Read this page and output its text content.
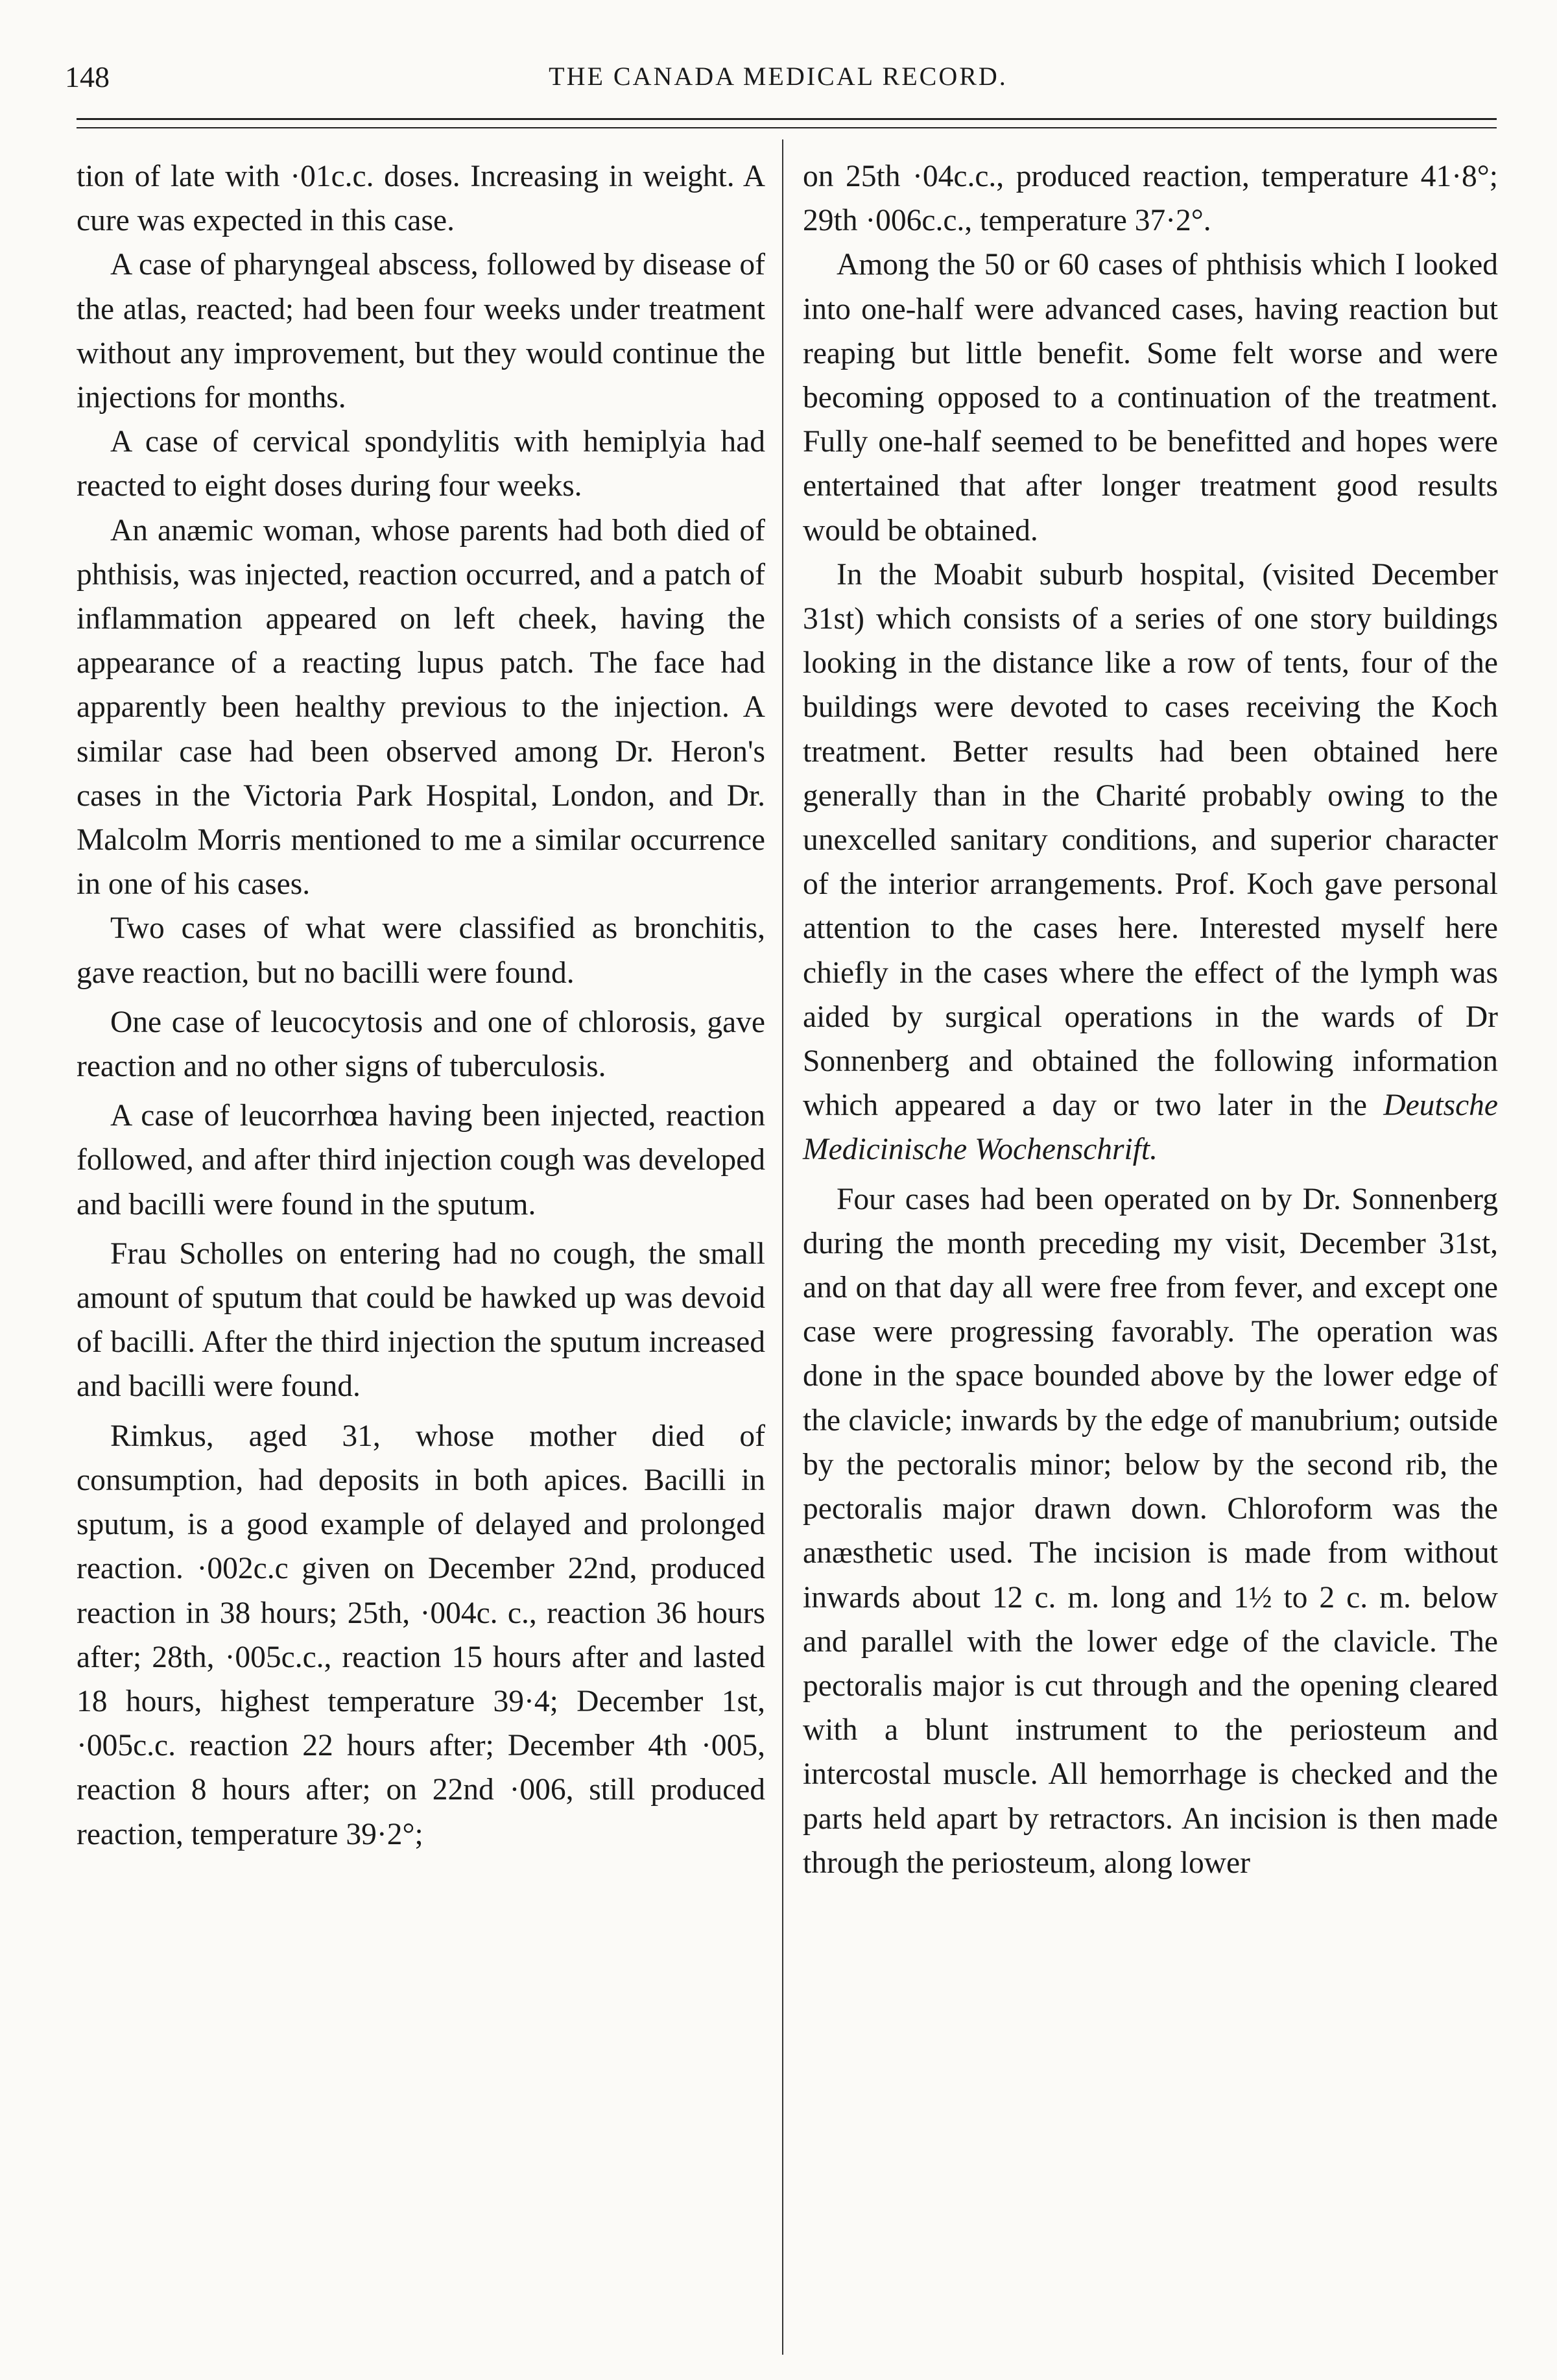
148	THE CANADA MEDICAL RECORD.

tion of late with ·01c.c. doses. Increasing in weight. A cure was expected in this case.

A case of pharyngeal abscess, followed by disease of the atlas, reacted; had been four weeks under treatment without any improvement, but they would continue the injections for months.

A case of cervical spondylitis with hemiplyia had reacted to eight doses during four weeks.

An anæmic woman, whose parents had both died of phthisis, was injected, reaction occurred, and a patch of inflammation appeared on left cheek, having the appearance of a reacting lupus patch. The face had apparently been healthy previous to the injection. A similar case had been observed among Dr. Heron's cases in the Victoria Park Hospital, London, and Dr. Malcolm Morris mentioned to me a similar occurrence in one of his cases.

Two cases of what were classified as bronchitis, gave reaction, but no bacilli were found.

One case of leucocytosis and one of chlorosis, gave reaction and no other signs of tuberculosis.

A case of leucorrhœa having been injected, reaction followed, and after third injection cough was developed and bacilli were found in the sputum.

Frau Scholles on entering had no cough, the small amount of sputum that could be hawked up was devoid of bacilli. After the third injection the sputum increased and bacilli were found.

Rimkus, aged 31, whose mother died of consumption, had deposits in both apices. Bacilli in sputum, is a good example of delayed and prolonged reaction. ·002c.c given on December 22nd, produced reaction in 38 hours; 25th, ·004c. c., reaction 36 hours after; 28th, ·005c.c., reaction 15 hours after and lasted 18 hours, highest temperature 39·4; December 1st, ·005c.c. reaction 22 hours after; December 4th ·005, reaction 8 hours after; on 22nd ·006, still produced reaction, temperature 39·2°;

on 25th ·04c.c., produced reaction, temperature 41·8°; 29th ·006c.c., temperature 37·2°.

Among the 50 or 60 cases of phthisis which I looked into one-half were advanced cases, having reaction but reaping but little benefit. Some felt worse and were becoming opposed to a continuation of the treatment. Fully one-half seemed to be benefitted and hopes were entertained that after longer treatment good results would be obtained.

In the Moabit suburb hospital, (visited December 31st) which consists of a series of one story buildings looking in the distance like a row of tents, four of the buildings were devoted to cases receiving the Koch treatment. Better results had been obtained here generally than in the Charité probably owing to the unexcelled sanitary conditions, and superior character of the interior arrangements. Prof. Koch gave personal attention to the cases here. Interested myself here chiefly in the cases where the effect of the lymph was aided by surgical operations in the wards of Dr Sonnenberg and obtained the following information which appeared a day or two later in the Deutsche Medicinische Wochenschrift.

Four cases had been operated on by Dr. Sonnenberg during the month preceding my visit, December 31st, and on that day all were free from fever, and except one case were progressing favorably. The operation was done in the space bounded above by the lower edge of the clavicle; inwards by the edge of manubrium; outside by the pectoralis minor; below by the second rib, the pectoralis major drawn down. Chloroform was the anæsthetic used. The incision is made from without inwards about 12 c. m. long and 1½ to 2 c. m. below and parallel with the lower edge of the clavicle. The pectoralis major is cut through and the opening cleared with a blunt instrument to the periosteum and intercostal muscle. All hemorrhage is checked and the parts held apart by retractors. An incision is then made through the periosteum, along lower
